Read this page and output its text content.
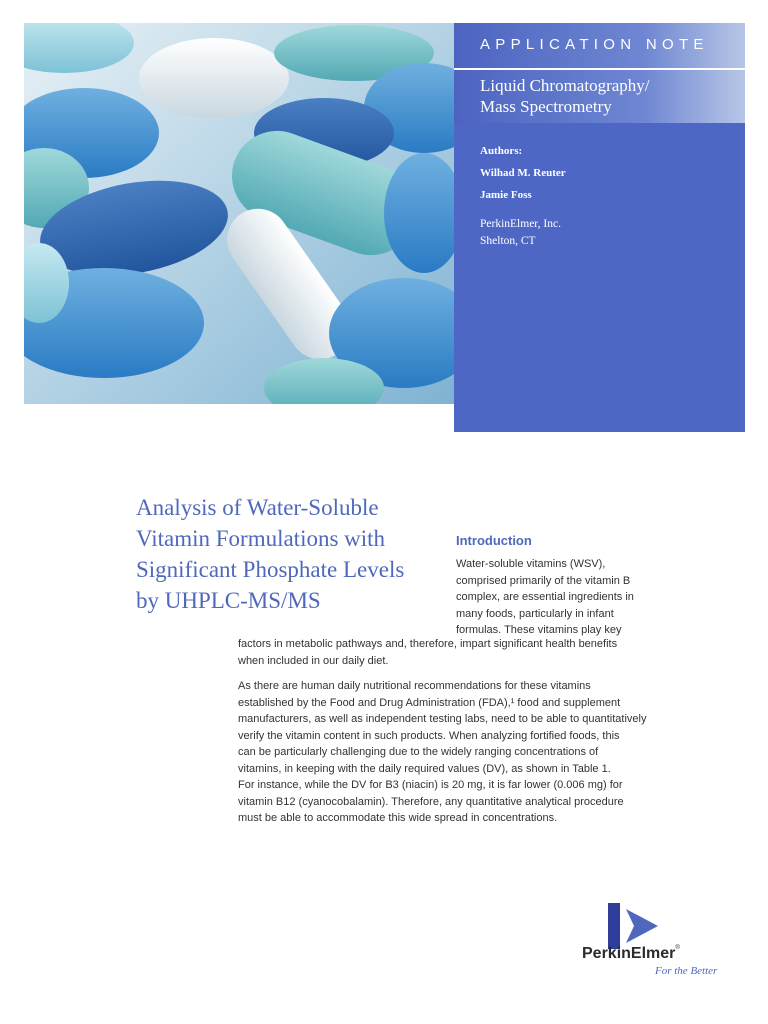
APPLICATION NOTE
Liquid Chromatography/
Mass Spectrometry
Authors:
Wilhad M. Reuter
Jamie Foss
PerkinElmer, Inc.
Shelton, CT
Analysis of Water-Soluble
Vitamin Formulations with
Significant Phosphate Levels
by UHPLC-MS/MS
Introduction
Water-soluble vitamins (WSV),
comprised primarily of the vitamin B
complex, are essential ingredients in
many foods, particularly in infant
formulas. These vitamins play key
factors in metabolic pathways and, therefore, impart significant health benefits
when included in our daily diet.
As there are human daily nutritional recommendations for these vitamins
established by the Food and Drug Administration (FDA),¹ food and supplement
manufacturers, as well as independent testing labs, need to be able to quantitatively
verify the vitamin content in such products. When analyzing fortified foods, this
can be particularly challenging due to the widely ranging concentrations of
vitamins, in keeping with the daily required values (DV), as shown in Table 1.
For instance, while the DV for B3 (niacin) is 20 mg, it is far lower (0.006 mg) for
vitamin B12 (cyanocobalamin). Therefore, any quantitative analytical procedure
must be able to accommodate this wide spread in concentrations.
PerkinElmer®
For the Better
